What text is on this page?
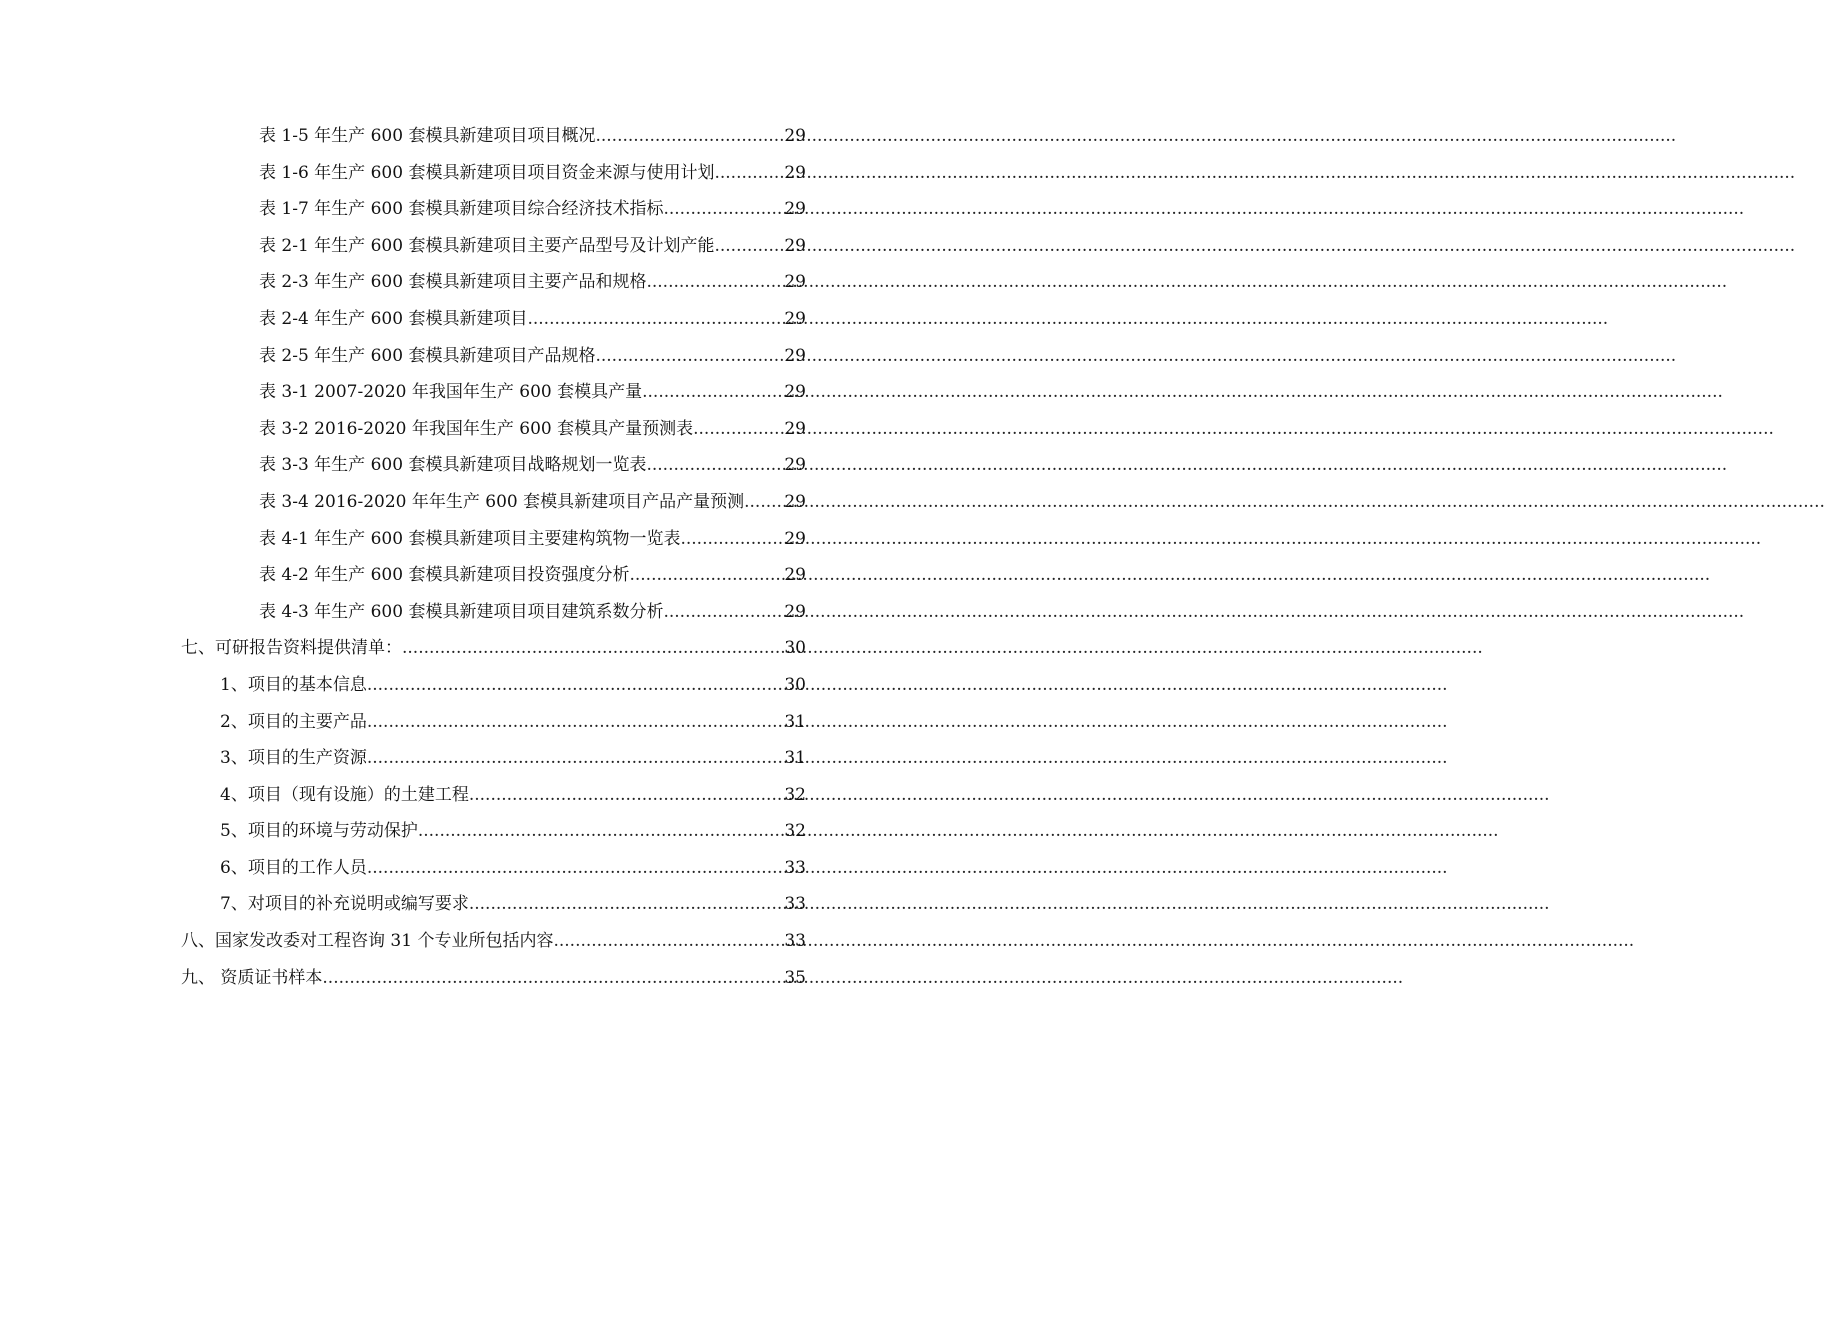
表 1-5 年生产 600 套模具新建项目项目概况 .....	29
表 1-6 年生产 600 套模具新建项目项目资金来源与使用计划 .....	29
表 1-7 年生产 600 套模具新建项目综合经济技术指标 .....	29
表 2-1 年生产 600 套模具新建项目主要产品型号及计划产能 .....	29
表 2-3 年生产 600 套模具新建项目主要产品和规格 .....	29
表 2-4 年生产 600 套模具新建项目 .....	29
表 2-5 年生产 600 套模具新建项目产品规格 .....	29
表 3-1 2007-2020 年我国年生产 600 套模具产量 .....	29
表 3-2 2016-2020 年我国年生产 600 套模具产量预测表 .....	29
表 3-3 年生产 600 套模具新建项目战略规划一览表 .....	29
表 3-4 2016-2020 年年生产 600 套模具新建项目产品产量预测 ..... 29
表 4-1 年生产 600 套模具新建项目主要建构筑物一览表 .....	29
表 4-2 年生产 600 套模具新建项目投资强度分析 .....	29
表 4-3 年生产 600 套模具新建项目项目建筑系数分析 .....	29
七、可研报告资料提供清单： .....	30
1、项目的基本信息 .....	30
2、项目的主要产品 .....	31
3、项目的生产资源 .....	31
4、项目（现有设施）的土建工程 .....	32
5、项目的环境与劳动保护 .....	32
6、项目的工作人员 .....	33
7、对项目的补充说明或编写要求 .....	33
八、国家发改委对工程咨询 31 个专业所包括内容 .....	33
九、 资质证书样本 .....	35
